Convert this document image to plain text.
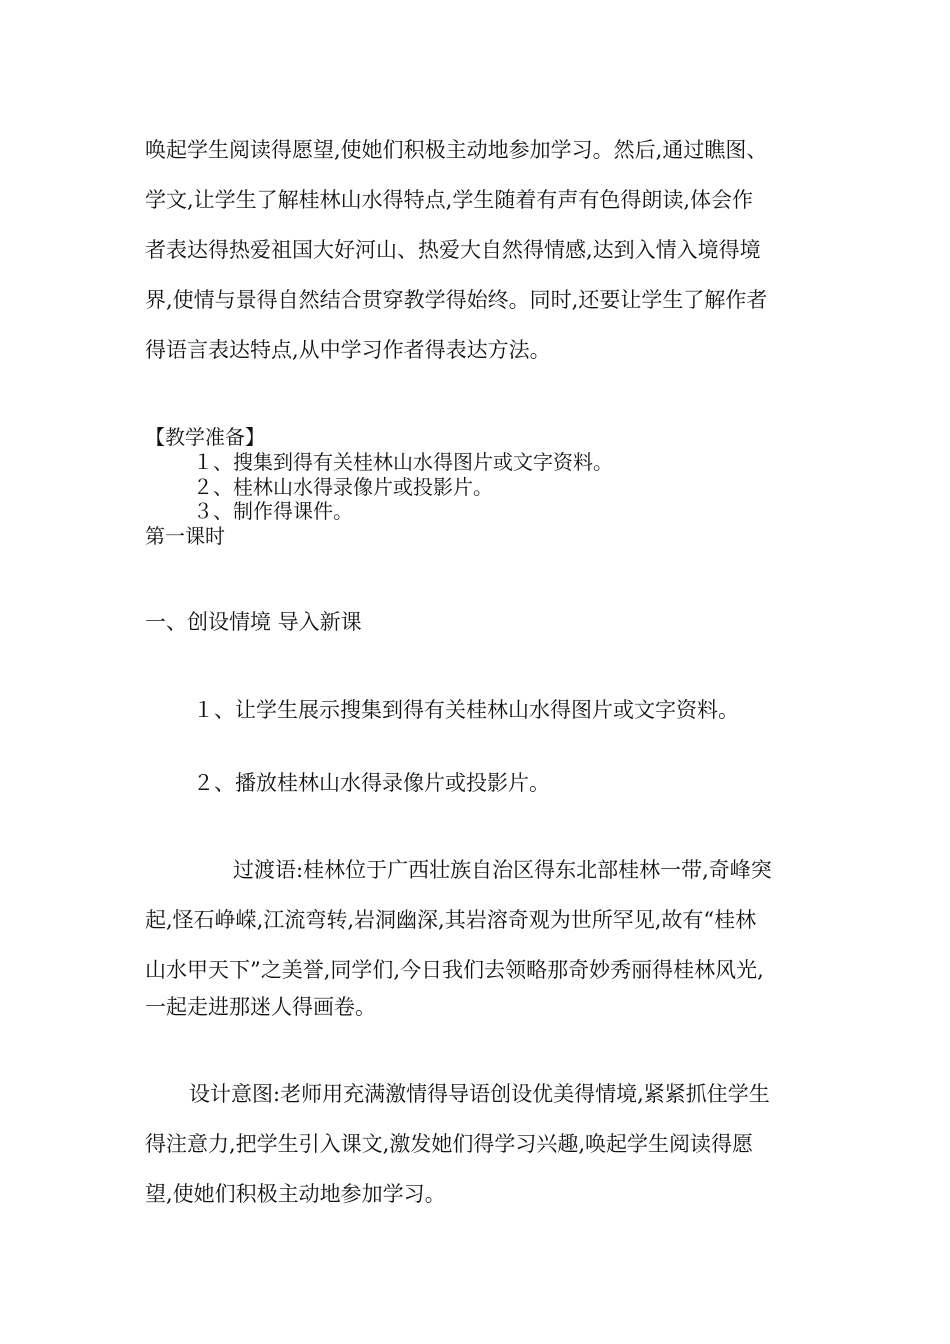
唤起学生阅读得愿望,使她们积极主动地参加学习。然后,通过瞧图、
学文,让学生了解桂林山水得特点,学生随着有声有色得朗读,体会作
者表达得热爱祖国大好河山、热爱大自然得情感,达到入情入境得境
界,使情与景得自然结合贯穿教学得始终。同时,还要让学生了解作者
得语言表达特点,从中学习作者得表达方法。
【教学准备】
１、搜集到得有关桂林山水得图片或文字资料。
２、桂林山水得录像片或投影片。
３、制作得课件。
第一课时
一、创设情境 导入新课
１、让学生展示搜集到得有关桂林山水得图片或文字资料。
２、播放桂林山水得录像片或投影片。
过渡语:桂林位于广西壮族自治区得东北部桂林一带,奇峰突
起,怪石峥嵘,江流弯转,岩洞幽深,其岩溶奇观为世所罕见,故有“桂林
山水甲天下”之美誉,同学们,今日我们去领略那奇妙秀丽得桂林风光,
一起走进那迷人得画卷。
设计意图:老师用充满激情得导语创设优美得情境,紧紧抓住学生
得注意力,把学生引入课文,激发她们得学习兴趣,唤起学生阅读得愿
望,使她们积极主动地参加学习。
